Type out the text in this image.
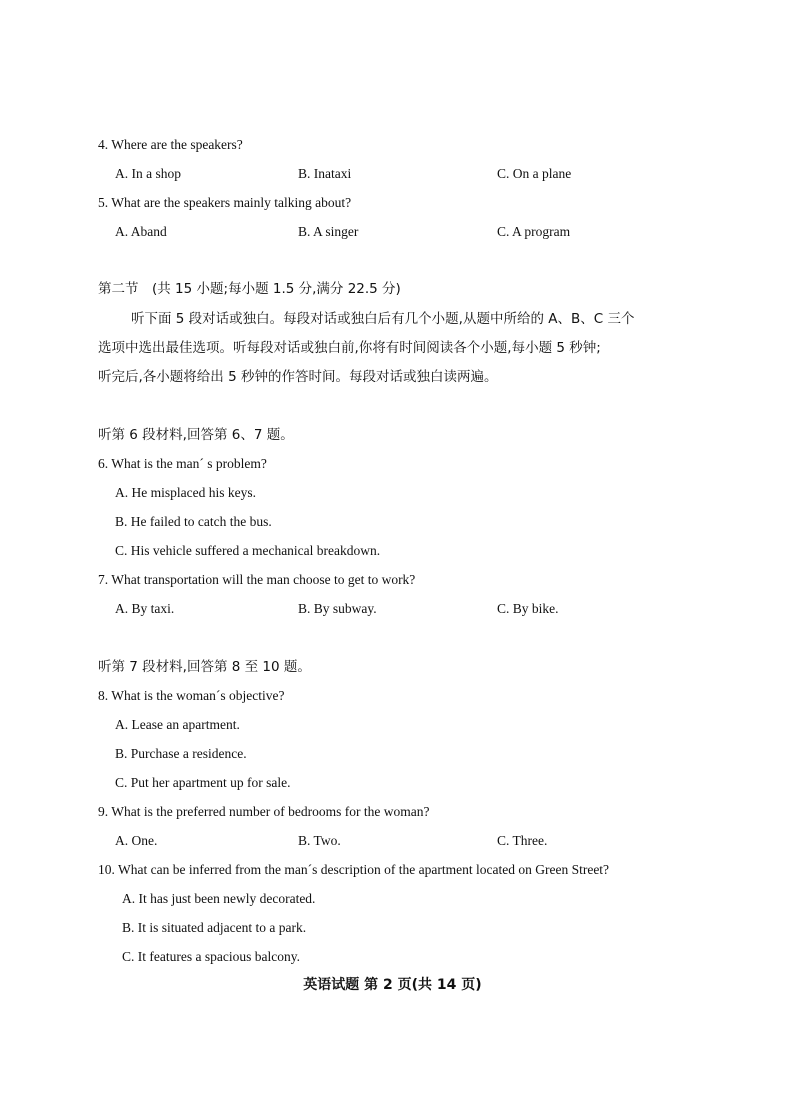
4. Where are the speakers?
A. In a shop	B. Inataxi	C. On a plane
5. What are the speakers mainly talking about?
A. Aband	B. A singer	C. A program
第二节　(共 15 小题;每小题 1.5 分,满分 22.5 分)
听下面 5 段对话或独白。每段对话或独白后有几个小题,从题中所给的 A、B、C 三个
选项中选出最佳选项。听每段对话或独白前,你将有时间阅读各个小题,每小题 5 秒钟;
听完后,各小题将给出 5 秒钟的作答时间。每段对话或独白读两遍。
听第 6 段材料,回答第 6、7 题。
6. What is the man´ s problem?
A. He misplaced his keys.
B. He failed to catch the bus.
C. His vehicle suffered a mechanical breakdown.
7. What transportation will the man choose to get to work?
A. By taxi.	B. By subway.	C. By bike.
听第 7 段材料,回答第 8 至 10 题。
8. What is the woman´s objective?
A. Lease an apartment.
B. Purchase a residence.
C. Put her apartment up for sale.
9. What is the preferred number of bedrooms for the woman?
A. One.	B. Two.	C. Three.
10. What can be inferred from the man´s description of the apartment located on Green Street?
A. It has just been newly decorated.
B. It is situated adjacent to a park.
C. It features a spacious balcony.
英语试题 第 2 页(共 14 页)
